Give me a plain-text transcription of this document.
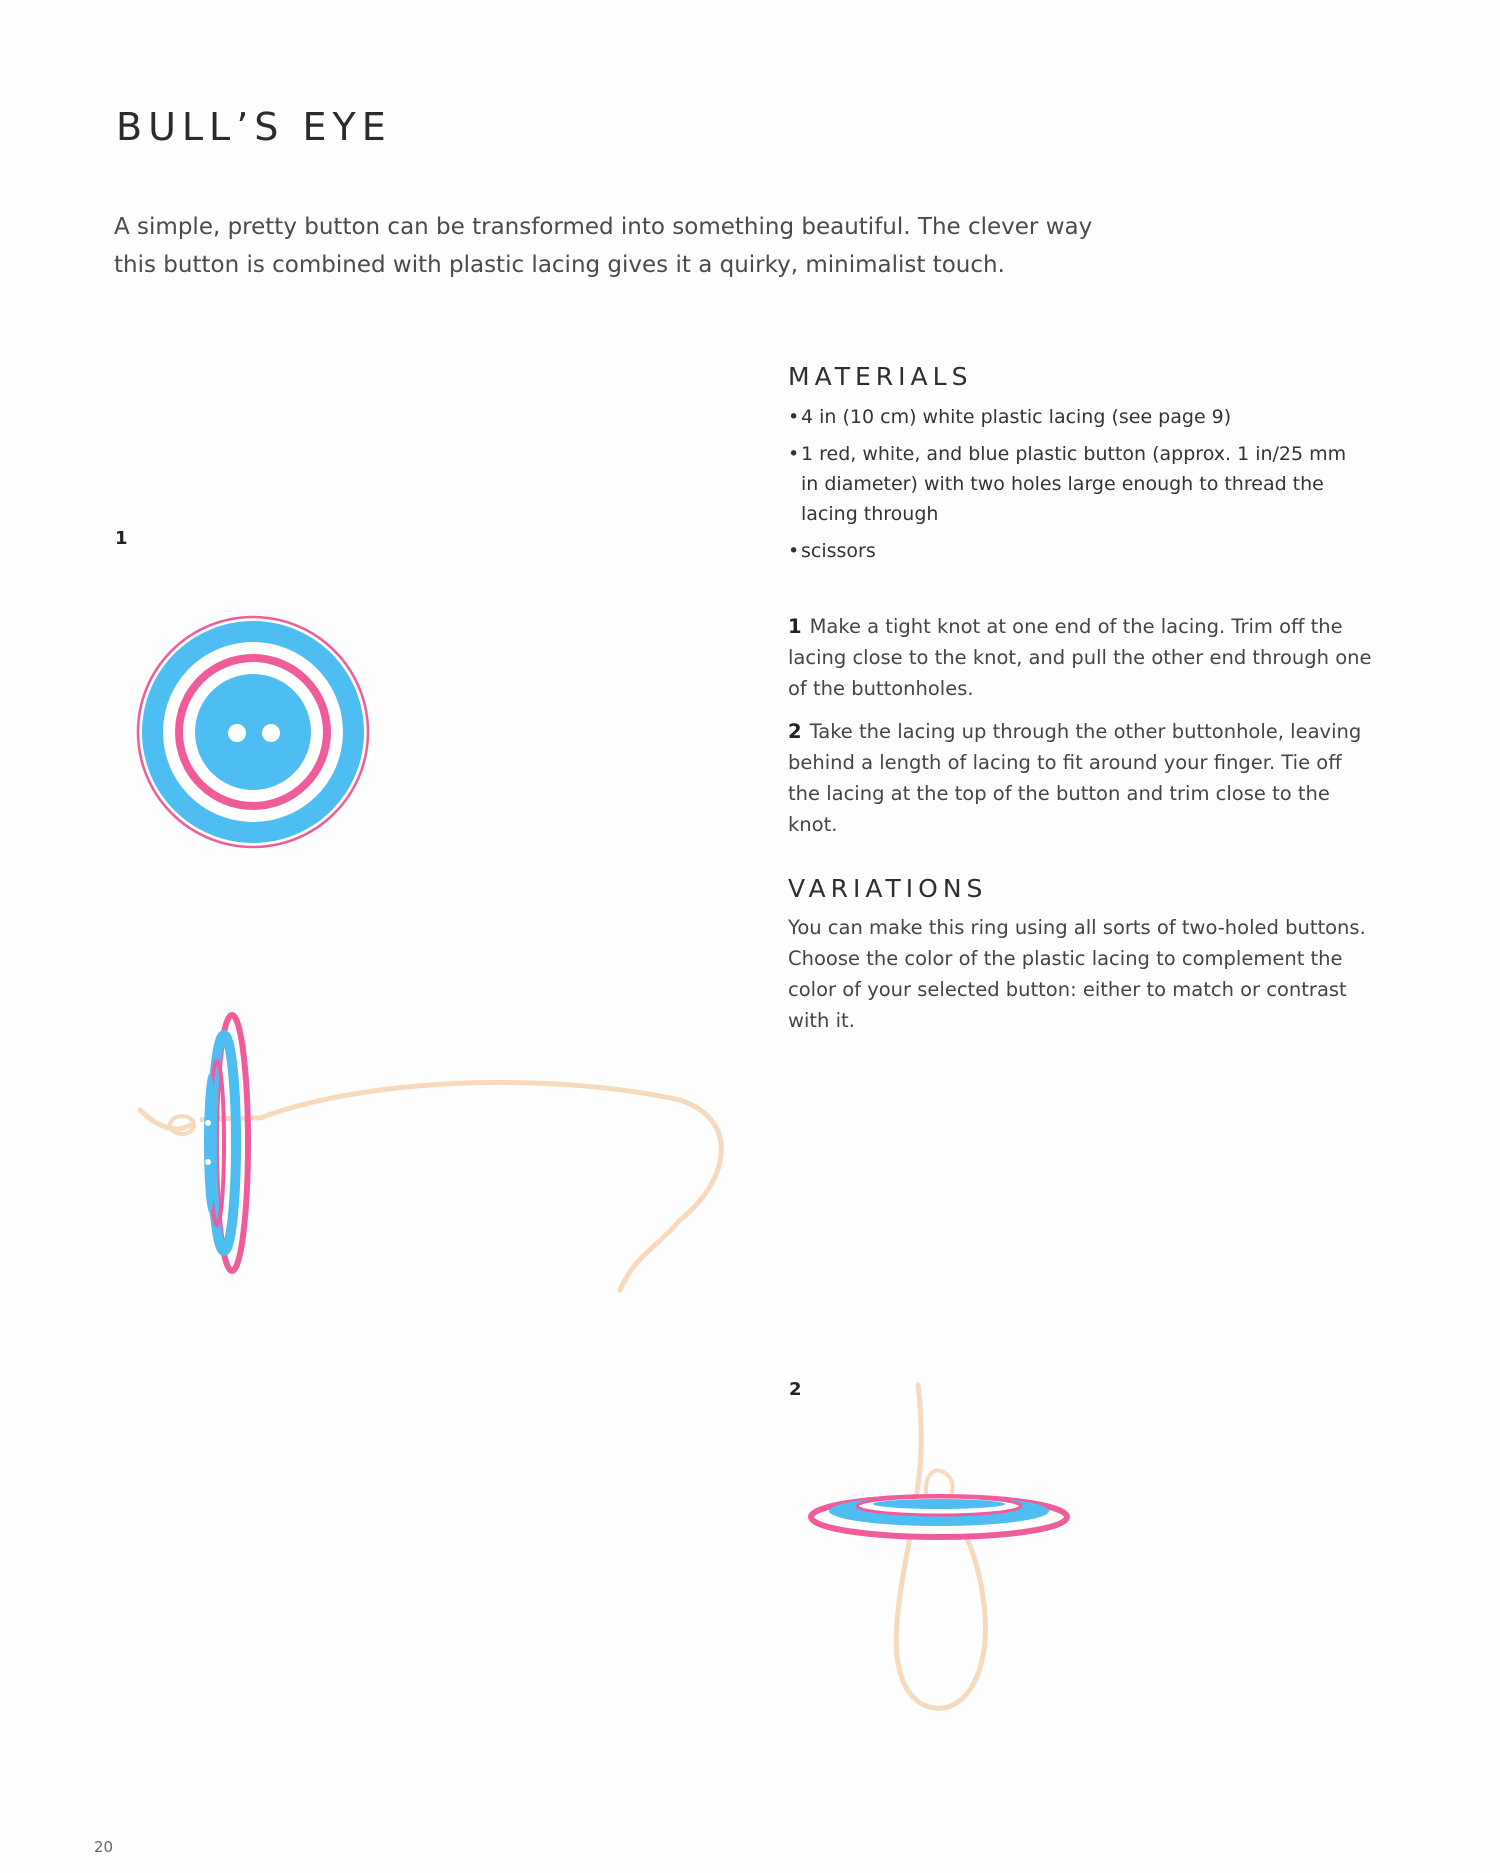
BULL’S EYE

A simple, pretty button can be transformed into something beautiful. The clever way this button is combined with plastic lacing gives it a quirky, minimalist touch.

MATERIALS
•4 in (10 cm) white plastic lacing (see page 9)
•1 red, white, and blue plastic button (approx. 1 in/25 mm in diameter) with two holes large enough to thread the lacing through
•scissors

1 Make a tight knot at one end of the lacing. Trim off the lacing close to the knot, and pull the other end through one of the buttonholes.

2 Take the lacing up through the other buttonhole, leaving behind a length of lacing to fit around your finger. Tie off the lacing at the top of the button and trim close to the knot.

VARIATIONS

You can make this ring using all sorts of two-holed buttons. Choose the color of the plastic lacing to complement the color of your selected button: either to match or contrast with it.

1
2
20
